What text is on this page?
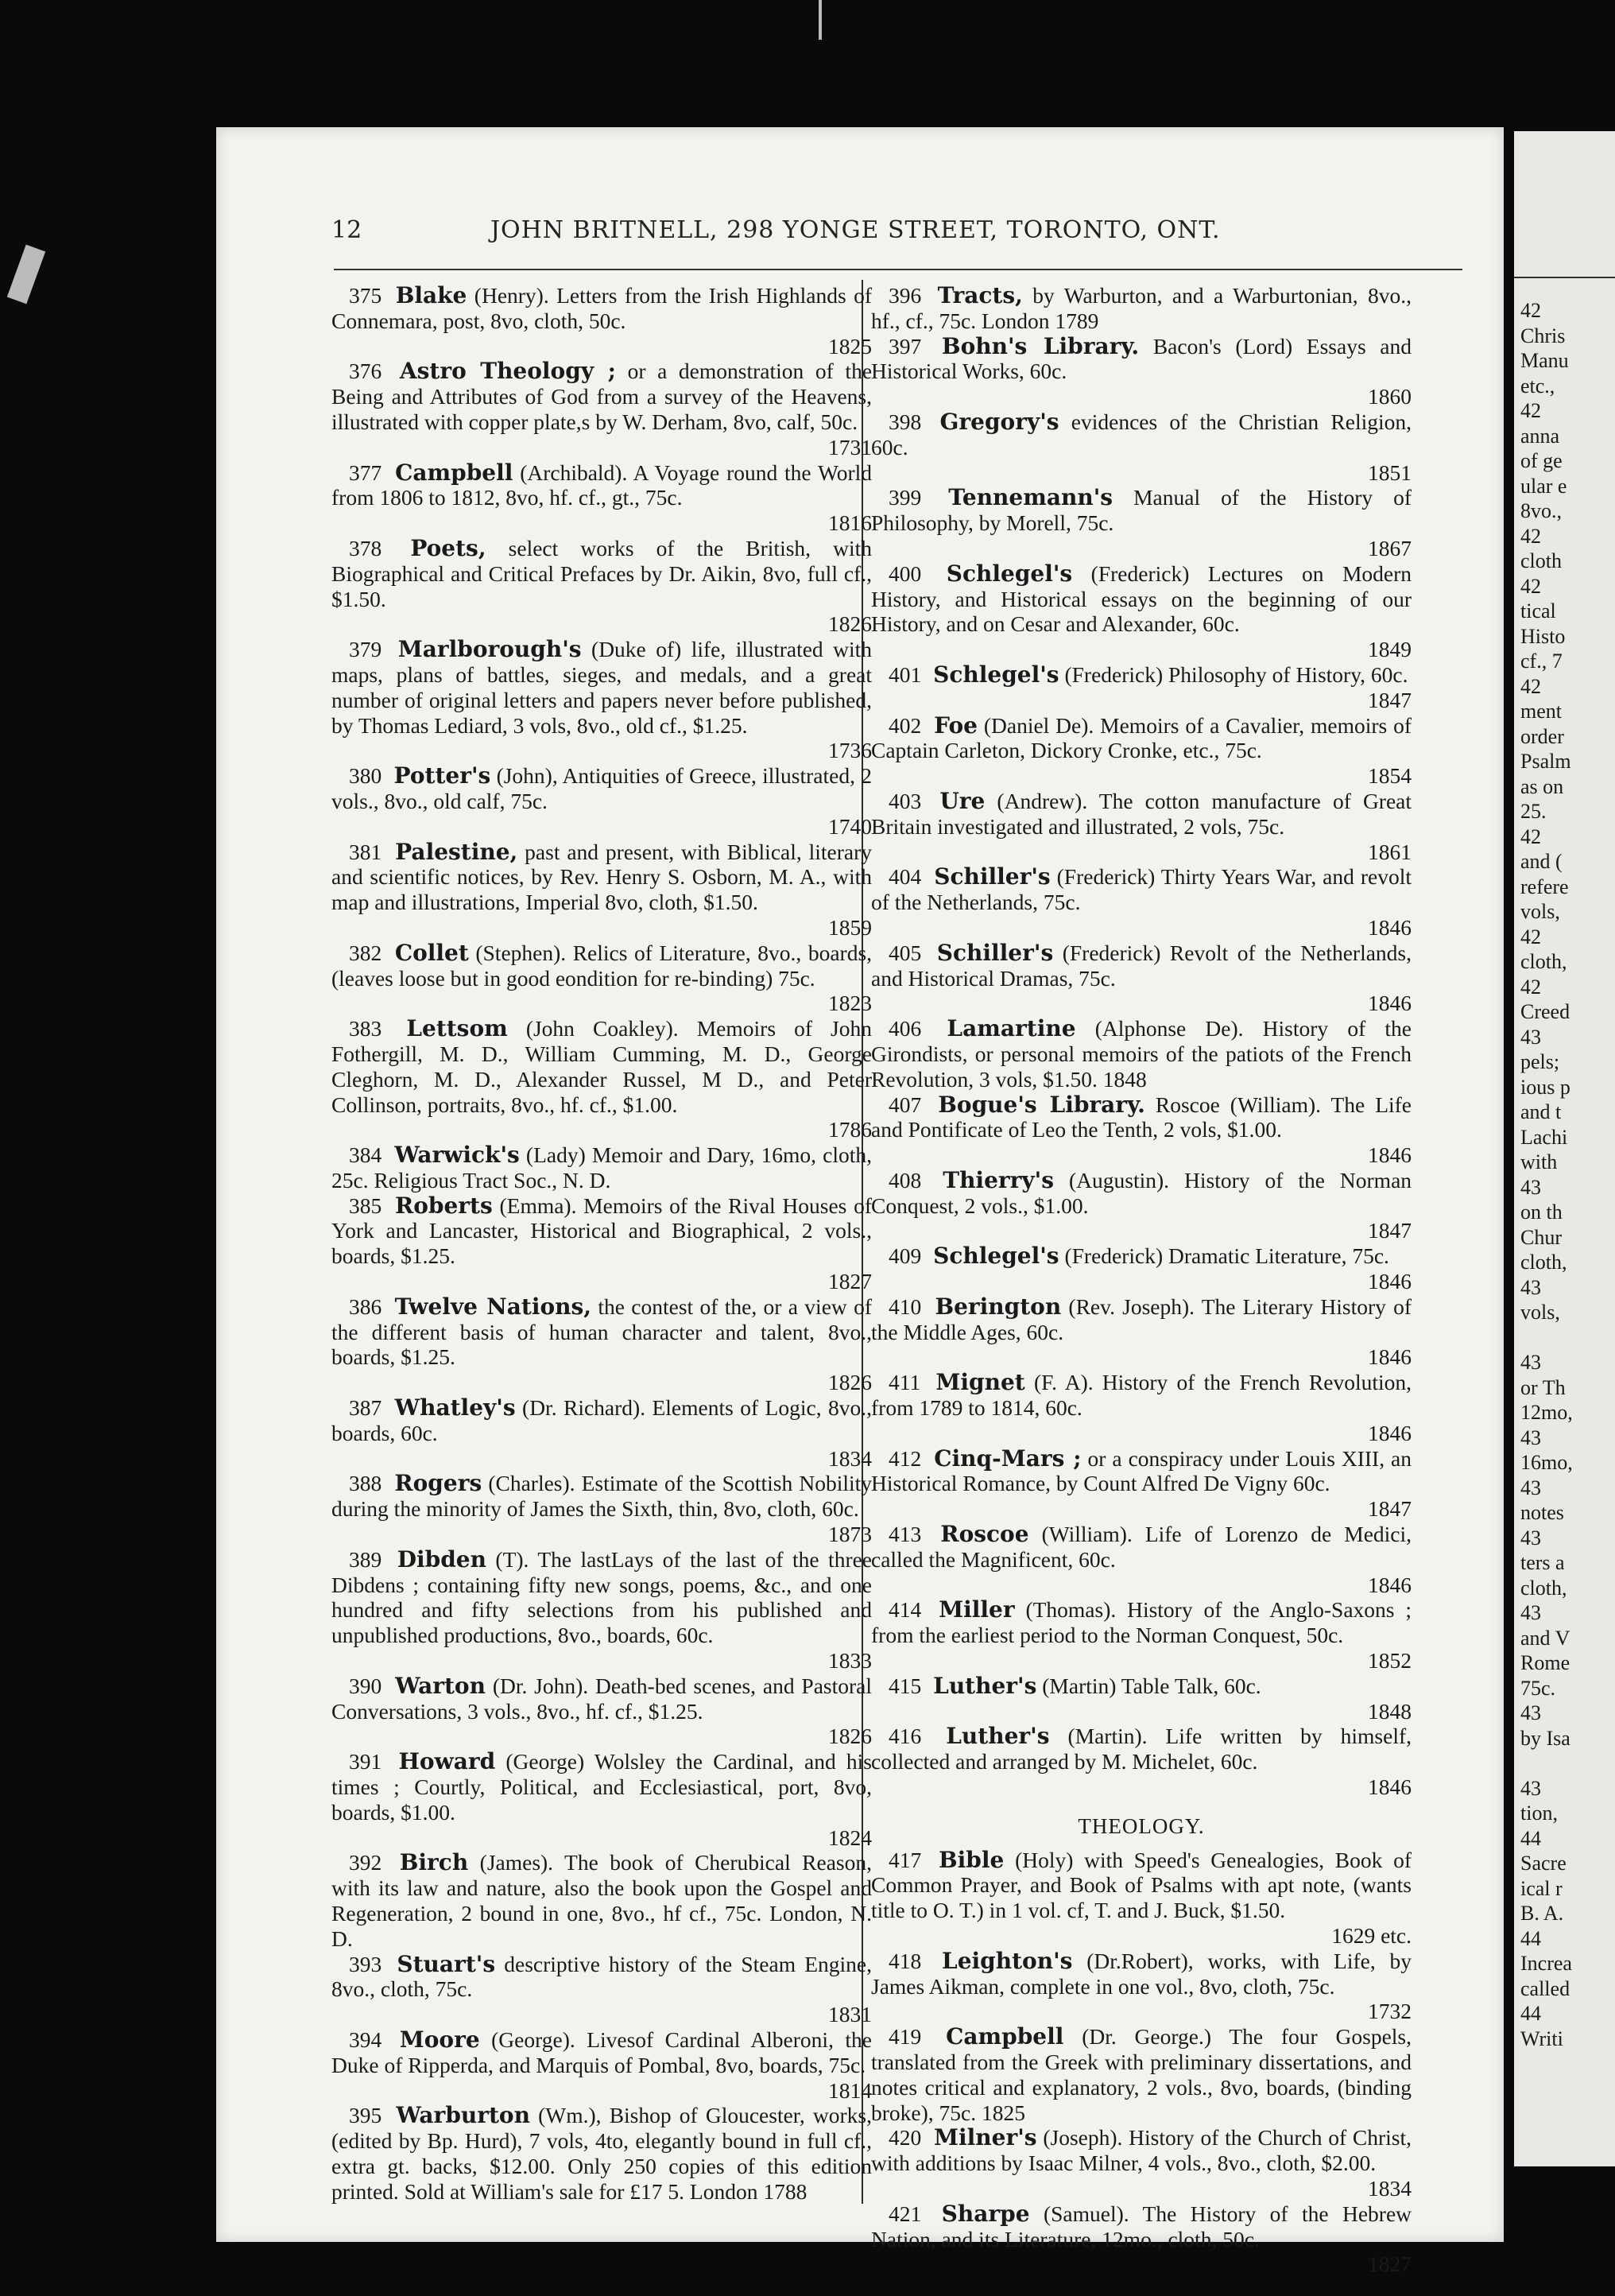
12	JOHN BRITNELL, 298 YONGE STREET, TORONTO, ONT.

375 Blake (Henry). Letters from the Irish Highlands of Connemara, post, 8vo, cloth, 50c.
1825

376 Astro Theology ; or a demonstration of the Being and Attributes of God from a survey of the Heavens, illustrated with copper plate,s by W. Derham, 8vo, calf, 50c.
1731

377 Campbell (Archibald). A Voyage round the World from 1806 to 1812, 8vo, hf. cf., gt., 75c.
1816

378 Poets, select works of the British, with Biographical and Critical Prefaces by Dr. Aikin, 8vo, full cf., $1.50.
1826

379 Marlborough's (Duke of) life, illustrated with maps, plans of battles, sieges, and medals, and a great number of original letters and papers never before published, by Thomas Lediard, 3 vols, 8vo., old cf., $1.25.
1736

380 Potter's (John), Antiquities of Greece, illustrated, 2 vols., 8vo., old calf, 75c.
1740

381 Palestine, past and present, with Biblical, literary and scientific notices, by Rev. Henry S. Osborn, M. A., with map and illustrations, Imperial 8vo, cloth, $1.50.
1859

382 Collet (Stephen). Relics of Literature, 8vo., boards, (leaves loose but in good eondition for re-binding) 75c.
1823

383 Lettsom (John Coakley). Memoirs of John Fothergill, M. D., William Cumming, M. D., George Cleghorn, M. D., Alexander Russel, M D., and Peter Collinson, portraits, 8vo., hf. cf., $1.00.
1786

384 Warwick's (Lady) Memoir and Dary, 16mo, cloth, 25c. Religious Tract Soc., N. D.

385 Roberts (Emma). Memoirs of the Rival Houses of York and Lancaster, Historical and Biographical, 2 vols., boards, $1.25.
1827

386 Twelve Nations, the contest of the, or a view of the different basis of human character and talent, 8vo., boards, $1.25.
1826

387 Whatley's (Dr. Richard). Elements of Logic, 8vo., boards, 60c.
1834

388 Rogers (Charles). Estimate of the Scottish Nobility during the minority of James the Sixth, thin, 8vo, cloth, 60c.
1873

389 Dibden (T). The lastLays of the last of the three Dibdens ; containing fifty new songs, poems, &c., and one hundred and fifty selections from his published and unpublished productions, 8vo., boards, 60c.
1833

390 Warton (Dr. John). Death-bed scenes, and Pastoral Conversations, 3 vols., 8vo., hf. cf., $1.25.
1826

391 Howard (George) Wolsley the Cardinal, and his times ; Courtly, Political, and Ecclesiastical, port, 8vo, boards, $1.00.
1824

392 Birch (James). The book of Cherubical Reason, with its law and nature, also the book upon the Gospel and Regeneration, 2 bound in one, 8vo., hf cf., 75c. London, N. D.

393 Stuart's descriptive history of the Steam Engine, 8vo., cloth, 75c.
1831

394 Moore (George). Livesof Cardinal Alberoni, the Duke of Ripperda, and Marquis of Pombal, 8vo, boards, 75c.
1814

395 Warburton (Wm.), Bishop of Gloucester, works, (edited by Bp. Hurd), 7 vols, 4to, elegantly bound in full cf., extra gt. backs, $12.00. Only 250 copies of this edition printed. Sold at William's sale for £17 5. London 1788

396 Tracts, by Warburton, and a Warburtonian, 8vo., hf., cf., 75c. London 1789

397 Bohn's Library. Bacon's (Lord) Essays and Historical Works, 60c.
1860

398 Gregory's evidences of the Christian Religion, 60c.
1851

399 Tennemann's Manual of the History of Philosophy, by Morell, 75c.
1867

400 Schlegel's (Frederick) Lectures on Modern History, and Historical essays on the beginning of our History, and on Cesar and Alexander, 60c.
1849

401 Schlegel's (Frederick) Philosophy of History, 60c.
1847

402 Foe (Daniel De). Memoirs of a Cavalier, memoirs of Captain Carleton, Dickory Cronke, etc., 75c.
1854

403 Ure (Andrew). The cotton manufacture of Great Britain investigated and illustrated, 2 vols, 75c.
1861

404 Schiller's (Frederick) Thirty Years War, and revolt of the Netherlands, 75c.
1846

405 Schiller's (Frederick) Revolt of the Netherlands, and Historical Dramas, 75c.
1846

406 Lamartine (Alphonse De). History of the Girondists, or personal memoirs of the patiots of the French Revolution, 3 vols, $1.50. 1848

407 Bogue's Library. Roscoe (William). The Life and Pontificate of Leo the Tenth, 2 vols, $1.00.
1846

408 Thierry's (Augustin). History of the Norman Conquest, 2 vols., $1.00.
1847

409 Schlegel's (Frederick) Dramatic Literature, 75c.
1846

410 Berington (Rev. Joseph). The Literary History of the Middle Ages, 60c.
1846

411 Mignet (F. A). History of the French Revolution, from 1789 to 1814, 60c.
1846

412 Cinq-Mars ; or a conspiracy under Louis XIII, an Historical Romance, by Count Alfred De Vigny 60c.
1847

413 Roscoe (William). Life of Lorenzo de Medici, called the Magnificent, 60c.
1846

414 Miller (Thomas). History of the Anglo-Saxons ; from the earliest period to the Norman Conquest, 50c.
1852

415 Luther's (Martin) Table Talk, 60c.
1848

416 Luther's (Martin). Life written by himself, collected and arranged by M. Michelet, 60c.
1846

THEOLOGY.

417 Bible (Holy) with Speed's Genealogies, Book of Common Prayer, and Book of Psalms with apt note, (wants title to O. T.) in 1 vol. cf, T. and J. Buck, $1.50.
1629 etc.

418 Leighton's (Dr.Robert), works, with Life, by James Aikman, complete in one vol., 8vo, cloth, 75c.
1732

419 Campbell (Dr. George.) The four Gospels, translated from the Greek with preliminary dissertations, and notes critical and explanatory, 2 vols., 8vo, boards, (binding broke), 75c. 1825

420 Milner's (Joseph). History of the Church of Christ, with additions by Isaac Milner, 4 vols., 8vo., cloth, $2.00.
1834

421 Sharpe (Samuel). The History of the Hebrew Nation, and its Literature, 12mo., cloth, 50c.
1827

42
Chris
Manu
etc.,
42
anna
of ge
ular e
8vo.,
42
cloth
42
tical
Histo
cf., 7
42
ment
order
Psalm
as on
25.
42
and (
refere
vols,
42
cloth,
42
Creed
43
pels;
ious p
and t
Lachi
with
43
on th
Chur
cloth,
43
vols,
43
or Th
12mo,
43
16mo,
43
notes
43
ters a
cloth,
43
and V
Rome
75c.
43
by Isa
43
tion,
44
Sacre
ical r
B. A.
44
Increa
called
44
Writi
